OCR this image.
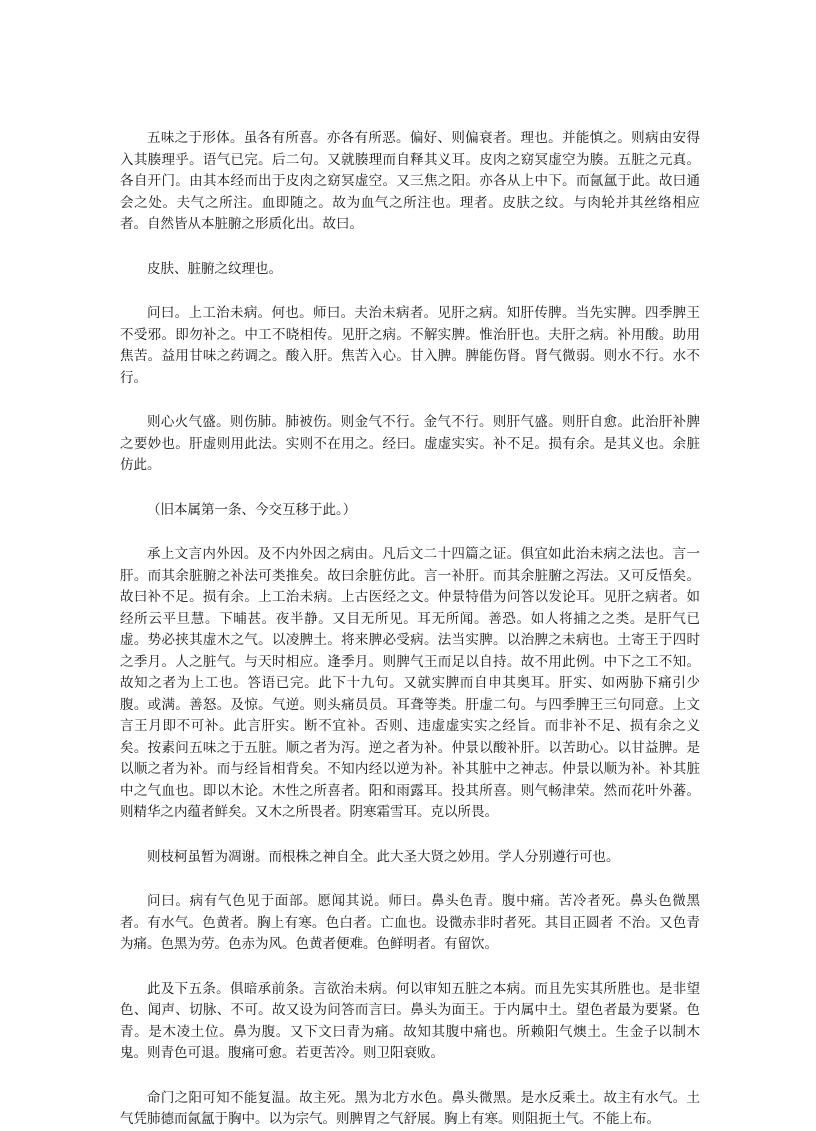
五味之于形体。虽各有所喜。亦各有所恶。偏好、则偏衰者。理也。并能慎之。则病由安得入其腠理乎。语气已完。后二句。又就腠理而自释其义耳。皮肉之窈冥虚空为腠。五脏之元真。各自开门。由其本经而出于皮肉之窈冥虚空。又三焦之阳。亦各从上中下。而氤氲于此。故曰通会之处。夫气之所注。血即随之。故为血气之所注也。理者。皮肤之纹。与肉轮并其丝络相应者。自然皆从本脏腑之形质化出。故曰。

皮肤、脏腑之纹理也。

问曰。上工治未病。何也。师曰。夫治未病者。见肝之病。知肝传脾。当先实脾。四季脾王不受邪。即勿补之。中工不晓相传。见肝之病。不解实脾。惟治肝也。夫肝之病。补用酸。助用焦苦。益用甘味之药调之。酸入肝。焦苦入心。甘入脾。脾能伤肾。肾气微弱。则水不行。水不行。

则心火气盛。则伤肺。肺被伤。则金气不行。金气不行。则肝气盛。则肝自愈。此治肝补脾之要妙也。肝虚则用此法。实则不在用之。经曰。虚虚实实。补不足。损有余。是其义也。余脏仿此。

（旧本属第一条、今交互移于此。）

承上文言内外因。及不内外因之病由。凡后文二十四篇之证。俱宜如此治未病之法也。言一肝。而其余脏腑之补法可类推矣。故曰余脏仿此。言一补肝。而其余脏腑之泻法。又可反悟矣。故曰补不足。损有余。上工治未病。上古医经之文。仲景特借为问答以发论耳。见肝之病者。如经所云平旦慧。下晡甚。夜半静。又目无所见。耳无所闻。善恐。如人将捕之之类。是肝气已虚。势必挟其虚木之气。以凌脾土。将来脾必受病。法当实脾。以治脾之未病也。土寄王于四时之季月。人之脏气。与天时相应。逢季月。则脾气王而足以自持。故不用此例。中下之工不知。故知之者为上工也。答语已完。此下十九句。又就实脾而自申其奥耳。肝实、如两胁下痛引少腹。或满。善怒。及惊。气逆。则头痛员员。耳聋等类。肝虚二句。与四季脾王三句同意。上文言王月即不可补。此言肝实。断不宜补。否则、违虚虚实实之经旨。而非补不足、损有余之义矣。按素问五味之于五脏。顺之者为泻。逆之者为补。仲景以酸补肝。以苦助心。以甘益脾。是以顺之者为补。而与经旨相背矣。不知内经以逆为补。补其脏中之神志。仲景以顺为补。补其脏中之气血也。即以木论。木性之所喜者。阳和雨露耳。投其所喜。则气畅津荣。然而花叶外蕃。则精华之内蕴者鲜矣。又木之所畏者。阴寒霜雪耳。克以所畏。

则枝柯虽暂为凋谢。而根株之神自全。此大圣大贤之妙用。学人分别遵行可也。

问曰。病有气色见于面部。愿闻其说。师曰。鼻头色青。腹中痛。苦冷者死。鼻头色微黑者。有水气。色黄者。胸上有寒。色白者。亡血也。设微赤非时者死。其目正圆者 不治。又色青为痛。色黑为劳。色赤为风。色黄者便难。色鲜明者。有留饮。

此及下五条。俱暗承前条。言欲治未病。何以审知五脏之本病。而且先实其所胜也。是非望色、闻声、切脉、不可。故又设为问答而言曰。鼻头为面王。于内属中土。望色者最为要紧。色青。是木凌土位。鼻为腹。又下文曰青为痛。故知其腹中痛也。所赖阳气燠土。生金子以制木鬼。则青色可退。腹痛可愈。若更苦冷。则卫阳衰败。

命门之阳可知不能复温。故主死。黑为北方水色。鼻头微黑。是水反乘土。故主有水气。土气凭肺德而氤氲于胸中。以为宗气。则脾胃之气舒展。胸上有寒。则阻扼土气。不能上布。
